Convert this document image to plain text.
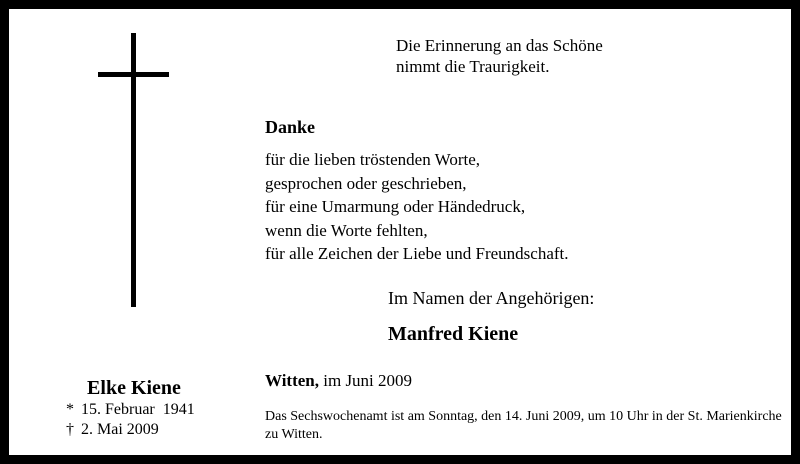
Die Erinnerung an das Schöne
nimmt die Traurigkeit.
Danke
für die lieben tröstenden Worte,
gesprochen oder geschrieben,
für eine Umarmung oder Händedruck,
wenn die Worte fehlten,
für alle Zeichen der Liebe und Freundschaft.
Im Namen der Angehörigen:
Manfred Kiene
Witten, im Juni 2009
Das Sechswochenamt ist am Sonntag, den 14. Juni 2009, um 10 Uhr in der St. Marienkirche zu Witten.
Elke Kiene
* 15. Februar  1941
† 2. Mai 2009
